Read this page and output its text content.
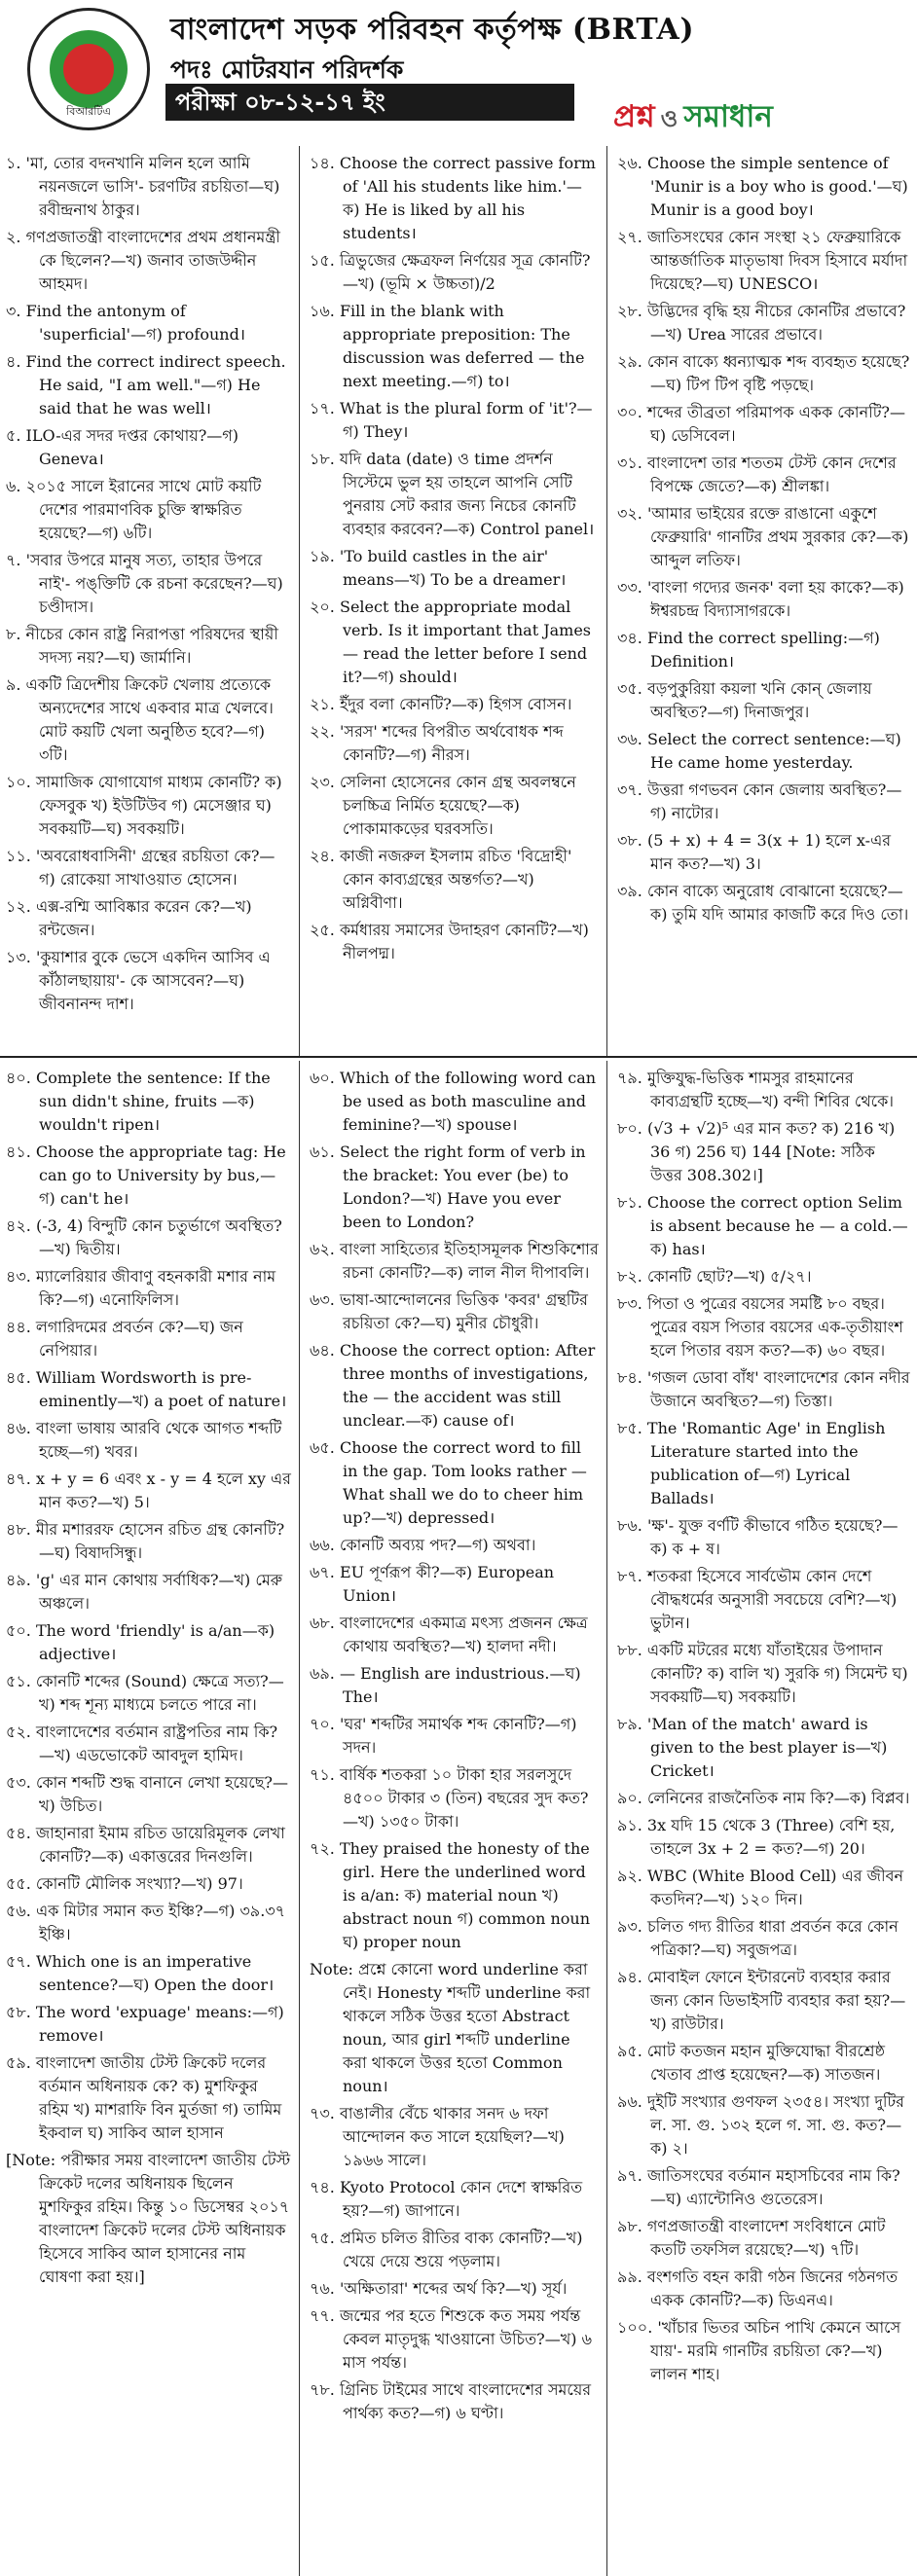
বিআরটিএ
বাংলাদেশ সড়ক পরিবহন কর্তৃপক্ষ (BRTA)
পদঃ মোটরযান পরিদর্শক
পরীক্ষা ০৮-১২-১৭ ইং	প্রশ্ন ও সমাধান
১. 'মা, তোর বদনখানি মলিন হলে আমি নয়নজলে ভাসি'- চরণটির রচয়িতা—ঘ) রবীন্দ্রনাথ ঠাকুর।
২. গণপ্রজাতন্ত্রী বাংলাদেশের প্রথম প্রধানমন্ত্রী কে ছিলেন?—খ) জনাব তাজউদ্দীন আহমদ।
৩. Find the antonym of 'superficial'—গ) profound।
৪. Find the correct indirect speech. He said, "I am well."—গ) He said that he was well।
৫. ILO-এর সদর দপ্তর কোথায়?—গ) Geneva।
৬. ২০১৫ সালে ইরানের সাথে মোট কয়টি দেশের পারমাণবিক চুক্তি স্বাক্ষরিত হয়েছে?—গ) ৬টি।
৭. 'সবার উপরে মানুষ সত্য, তাহার উপরে নাই'- পঙ্‌ক্তিটি কে রচনা করেছেন?—ঘ) চণ্ডীদাস।
৮. নীচের কোন রাষ্ট্র নিরাপত্তা পরিষদের স্থায়ী সদস্য নয়?—ঘ) জার্মানি।
৯. একটি ত্রিদেশীয় ক্রিকেট খেলায় প্রত্যেকে অন্যদেশের সাথে একবার মাত্র খেলবে। মোট কয়টি খেলা অনুষ্ঠিত হবে?—গ) ৩টি।
১০. সামাজিক যোগাযোগ মাধ্যম কোনটি? ক) ফেসবুক খ) ইউটিউব গ) মেসেঞ্জার ঘ) সবকয়টি—ঘ) সবকয়টি।
১১. 'অবরোধবাসিনী' গ্রন্থের রচয়িতা কে?—গ) রোকেয়া সাখাওয়াত হোসেন।
১২. এক্স-রশ্মি আবিষ্কার করেন কে?—খ) রন্টজেন।
১৩. 'কুয়াশার বুকে ভেসে একদিন আসিব এ কাঁঠালছায়ায়'- কে আসবেন?—ঘ) জীবনানন্দ দাশ।
১৪. Choose the correct passive form of 'All his students like him.'—ক) He is liked by all his students।
১৫. ত্রিভুজের ক্ষেত্রফল নির্ণয়ের সূত্র কোনটি?—খ) (ভূমি × উচ্চতা)/2
১৬. Fill in the blank with appropriate preposition: The discussion was deferred — the next meeting.—গ) to।
১৭. What is the plural form of 'it'?—গ) They।
১৮. যদি data (date) ও time প্রদর্শন সিস্টেমে ভুল হয় তাহলে আপনি সেটি পুনরায় সেট করার জন্য নিচের কোনটি ব্যবহার করবেন?—ক) Control panel।
১৯. 'To build castles in the air' means—খ) To be a dreamer।
২০. Select the appropriate modal verb. Is it important that James — read the letter before I send it?—গ) should।
২১. ইঁদুর বলা কোনটি?—ক) হিগস বোসন।
২২. 'সরস' শব্দের বিপরীত অর্থবোধক শব্দ কোনটি?—গ) নীরস।
২৩. সেলিনা হোসেনের কোন গ্রন্থ অবলম্বনে চলচ্চিত্র নির্মিত হয়েছে?—ক) পোকামাকড়ের ঘরবসতি।
২৪. কাজী নজরুল ইসলাম রচিত 'বিদ্রোহী' কোন কাব্যগ্রন্থের অন্তর্গত?—খ) অগ্নিবীণা।
২৫. কর্মধারয় সমাসের উদাহরণ কোনটি?—খ) নীলপদ্ম।
২৬. Choose the simple sentence of 'Munir is a boy who is good.'—ঘ) Munir is a good boy।
২৭. জাতিসংঘের কোন সংস্থা ২১ ফেব্রুয়ারিকে আন্তর্জাতিক মাতৃভাষা দিবস হিসাবে মর্যাদা দিয়েছে?—ঘ) UNESCO।
২৮. উদ্ভিদের বৃদ্ধি হয় নীচের কোনটির প্রভাবে?—খ) Urea সারের প্রভাবে।
২৯. কোন বাক্যে ধ্বন্যাত্মক শব্দ ব্যবহৃত হয়েছে?—ঘ) টিপ টিপ বৃষ্টি পড়ছে।
৩০. শব্দের তীব্রতা পরিমাপক একক কোনটি?—ঘ) ডেসিবেল।
৩১. বাংলাদেশ তার শততম টেস্ট কোন দেশের বিপক্ষে জেতে?—ক) শ্রীলঙ্কা।
৩২. 'আমার ভাইয়ের রক্তে রাঙানো একুশে ফেব্রুয়ারি' গানটির প্রথম সুরকার কে?—ক) আব্দুল লতিফ।
৩৩. 'বাংলা গদ্যের জনক' বলা হয় কাকে?—ক) ঈশ্বরচন্দ্র বিদ্যাসাগরকে।
৩৪. Find the correct spelling:—গ) Definition।
৩৫. বড়পুকুরিয়া কয়লা খনি কোন্‌ জেলায় অবস্থিত?—গ) দিনাজপুর।
৩৬. Select the correct sentence:—ঘ) He came home yesterday.
৩৭. উত্তরা গণভবন কোন জেলায় অবস্থিত?—গ) নাটোর।
৩৮. (5 + x) + 4 = 3(x + 1) হলে x-এর মান কত?—খ) 3।
৩৯. কোন বাক্যে অনুরোধ বোঝানো হয়েছে?—ক) তুমি যদি আমার কাজটি করে দিও তো।
৪০. Complete the sentence: If the sun didn't shine, fruits —ক) wouldn't ripen।
৪১. Choose the appropriate tag: He can go to University by bus,—গ) can't he।
৪২. (-3, 4) বিন্দুটি কোন চতুর্ভাগে অবস্থিত?—খ) দ্বিতীয়।
৪৩. ম্যালেরিয়ার জীবাণু বহনকারী মশার নাম কি?—গ) এনোফিলিস।
৪৪. লগারিদমের প্রবর্তন কে?—ঘ) জন নেপিয়ার।
৪৫. William Wordsworth is pre-eminently—খ) a poet of nature।
৪৬. বাংলা ভাষায় আরবি থেকে আগত শব্দটি হচ্ছে—গ) খবর।
৪৭. x + y = 6 এবং x - y = 4 হলে xy এর মান কত?—খ) 5।
৪৮. মীর মশাররফ হোসেন রচিত গ্রন্থ কোনটি?—ঘ) বিষাদসিন্ধু।
৪৯. 'g' এর মান কোথায় সর্বাধিক?—খ) মেরু অঞ্চলে।
৫০. The word 'friendly' is a/an—ক) adjective।
৫১. কোনটি শব্দের (Sound) ক্ষেত্রে সত্য?—খ) শব্দ শূন্য মাধ্যমে চলতে পারে না।
৫২. বাংলাদেশের বর্তমান রাষ্ট্রপতির নাম কি?—খ) এডভোকেট আবদুল হামিদ।
৫৩. কোন শব্দটি শুদ্ধ বানানে লেখা হয়েছে?—খ) উচিত।
৫৪. জাহানারা ইমাম রচিত ডায়েরিমূলক লেখা কোনটি?—ক) একাত্তরের দিনগুলি।
৫৫. কোনটি মৌলিক সংখ্যা?—খ) 97।
৫৬. এক মিটার সমান কত ইঞ্চি?—গ) ৩৯.৩৭ ইঞ্চি।
৫৭. Which one is an imperative sentence?—ঘ) Open the door।
৫৮. The word 'expuage' means:—গ) remove।
৫৯. বাংলাদেশ জাতীয় টেস্ট ক্রিকেট দলের বর্তমান অধিনায়ক কে? ক) মুশফিকুর রহিম খ) মাশরাফি বিন মুর্তজা গ) তামিম ইকবাল ঘ) সাকিব আল হাসান
[Note: পরীক্ষার সময় বাংলাদেশ জাতীয় টেস্ট ক্রিকেট দলের অধিনায়ক ছিলেন মুশফিকুর রহিম। কিন্তু ১০ ডিসেম্বর ২০১৭ বাংলাদেশ ক্রিকেট দলের টেস্ট অধিনায়ক হিসেবে সাকিব আল হাসানের নাম ঘোষণা করা হয়।]
৬০. Which of the following word can be used as both masculine and feminine?—খ) spouse।
৬১. Select the right form of verb in the bracket: You ever (be) to London?—খ) Have you ever been to London?
৬২. বাংলা সাহিত্যের ইতিহাসমূলক শিশুকিশোর রচনা কোনটি?—ক) লাল নীল দীপাবলি।
৬৩. ভাষা-আন্দোলনের ভিত্তিক 'কবর' গ্রন্থটির রচয়িতা কে?—ঘ) মুনীর চৌধুরী।
৬৪. Choose the correct option: After three months of investigations, the — the accident was still unclear.—ক) cause of।
৬৫. Choose the correct word to fill in the gap. Tom looks rather — What shall we do to cheer him up?—খ) depressed।
৬৬. কোনটি অব্যয় পদ?—গ) অথবা।
৬৭. EU পূর্ণরূপ কী?—ক) European Union।
৬৮. বাংলাদেশের একমাত্র মৎস্য প্রজনন ক্ষেত্র কোথায় অবস্থিত?—খ) হালদা নদী।
৬৯. — English are industrious.—ঘ) The।
৭০. 'ঘর' শব্দটির সমার্থক শব্দ কোনটি?—গ) সদন।
৭১. বার্ষিক শতকরা ১০ টাকা হার সরলসুদে ৪৫০০ টাকার ৩ (তিন) বছরের সুদ কত?—খ) ১৩৫০ টাকা।
৭২. They praised the honesty of the girl. Here the underlined word is a/an: ক) material noun খ) abstract noun গ) common noun ঘ) proper noun
Note: প্রশ্নে কোনো word underline করা নেই। Honesty শব্দটি underline করা থাকলে সঠিক উত্তর হতো Abstract noun, আর girl শব্দটি underline করা থাকলে উত্তর হতো Common noun।
৭৩. বাঙালীর বেঁচে থাকার সনদ ৬ দফা আন্দোলন কত সালে হয়েছিল?—খ) ১৯৬৬ সালে।
৭৪. Kyoto Protocol কোন দেশে স্বাক্ষরিত হয়?—গ) জাপানে।
৭৫. প্রমিত চলিত রীতির বাক্য কোনটি?—খ) খেয়ে দেয়ে শুয়ে পড়লাম।
৭৬. 'অক্ষিতারা' শব্দের অর্থ কি?—খ) সূর্য।
৭৭. জন্মের পর হতে শিশুকে কত সময় পর্যন্ত কেবল মাতৃদুগ্ধ খাওয়ানো উচিত?—খ) ৬ মাস পর্যন্ত।
৭৮. গ্রিনিচ টাইমের সাথে বাংলাদেশের সময়ের পার্থক্য কত?—গ) ৬ ঘণ্টা।
৭৯. মুক্তিযুদ্ধ-ভিত্তিক শামসুর রাহমানের কাব্যগ্রন্থটি হচ্ছে—খ) বন্দী শিবির থেকে।
৮০. (√3 + √2)⁵ এর মান কত? ক) 216 খ) 36 গ) 256 ঘ) 144 [Note: সঠিক উত্তর 308.302।]
৮১. Choose the correct option Selim is absent because he — a cold.—ক) has।
৮২. কোনটি ছোট?—খ) ৫/২৭।
৮৩. পিতা ও পুত্রের বয়সের সমষ্টি ৮০ বছর। পুত্রের বয়স পিতার বয়সের এক-তৃতীয়াংশ হলে পিতার বয়স কত?—ক) ৬০ বছর।
৮৪. 'গজল ডোবা বাঁধ' বাংলাদেশের কোন নদীর উজানে অবস্থিত?—গ) তিস্তা।
৮৫. The 'Romantic Age' in English Literature started into the publication of—গ) Lyrical Ballads।
৮৬. 'ক্ষ'- যুক্ত বর্ণটি কীভাবে গঠিত হয়েছে?—ক) ক + ষ।
৮৭. শতকরা হিসেবে সার্বভৌম কোন দেশে বৌদ্ধধর্মের অনুসারী সবচেয়ে বেশি?—খ) ভুটান।
৮৮. একটি মটরের মধ্যে যাঁতাইয়ের উপাদান কোনটি? ক) বালি খ) সুরকি গ) সিমেন্ট ঘ) সবকয়টি—ঘ) সবকয়টি।
৮৯. 'Man of the match' award is given to the best player is—খ) Cricket।
৯০. লেনিনের রাজনৈতিক নাম কি?—ক) বিপ্লব।
৯১. 3x যদি 15 থেকে 3 (Three) বেশি হয়, তাহলে 3x + 2 = কত?—গ) 20।
৯২. WBC (White Blood Cell) এর জীবন কতদিন?—খ) ১২০ দিন।
৯৩. চলিত গদ্য রীতির ধারা প্রবর্তন করে কোন পত্রিকা?—ঘ) সবুজপত্র।
৯৪. মোবাইল ফোনে ইন্টারনেট ব্যবহার করার জন্য কোন ডিভাইসটি ব্যবহার করা হয়?—খ) রাউটার।
৯৫. মোট কতজন মহান মুক্তিযোদ্ধা বীরশ্রেষ্ঠ খেতাব প্রাপ্ত হয়েছেন?—ক) সাতজন।
৯৬. দুইটি সংখ্যার গুণফল ২৩৫৪। সংখ্যা দুটির ল. সা. গু. ১৩২ হলে গ. সা. গু. কত?—ক) ২।
৯৭. জাতিসংঘের বর্তমান মহাসচিবের নাম কি?—ঘ) এ্যান্টোনিও গুতেরেস।
৯৮. গণপ্রজাতন্ত্রী বাংলাদেশ সংবিধানে মোট কতটি তফসিল রয়েছে?—খ) ৭টি।
৯৯. বংশগতি বহন কারী গঠন জিনের গঠনগত একক কোনটি?—ক) ডিএনএ।
১০০. 'খাঁচার ভিতর অচিন পাখি কেমনে আসে যায়'- মরমি গানটির রচয়িতা কে?—খ) লালন শাহ।
